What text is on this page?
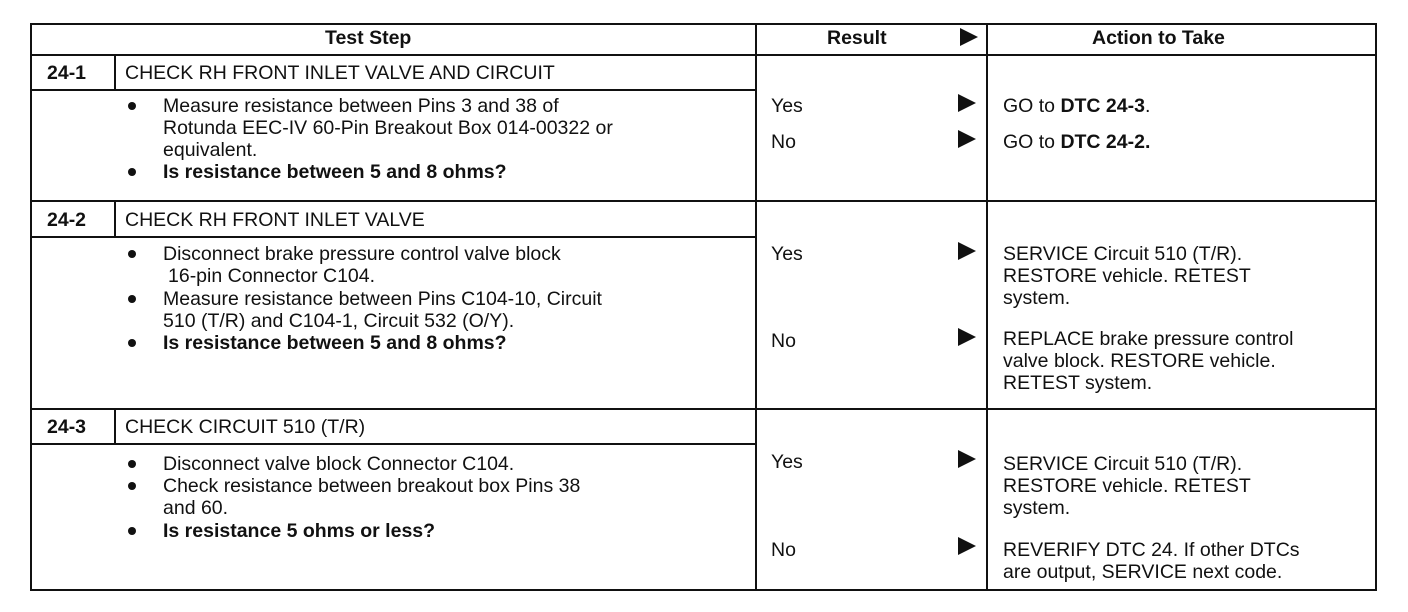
Test Step	Result	Action to Take
24-1 CHECK RH FRONT INLET VALVE AND CIRCUIT
Measure resistance between Pins 3 and 38 of
Rotunda EEC-IV 60-Pin Breakout Box 014-00322 or
equivalent.
Is resistance between 5 and 8 ohms?
Yes	GO to DTC 24-3.
No	GO to DTC 24-2.
24-2 CHECK RH FRONT INLET VALVE
Disconnect brake pressure control valve block
16-pin Connector C104.
Measure resistance between Pins C104-10, Circuit
510 (T/R) and C104-1, Circuit 532 (O/Y).
Is resistance between 5 and 8 ohms?
Yes	SERVICE Circuit 510 (T/R).
RESTORE vehicle. RETEST
system.
No	REPLACE brake pressure control
valve block. RESTORE vehicle.
RETEST system.
24-3 CHECK CIRCUIT 510 (T/R)
Disconnect valve block Connector C104.
Check resistance between breakout box Pins 38
and 60.
Is resistance 5 ohms or less?
Yes	SERVICE Circuit 510 (T/R).
RESTORE vehicle. RETEST
system.
No	REVERIFY DTC 24. If other DTCs
are output, SERVICE next code.
